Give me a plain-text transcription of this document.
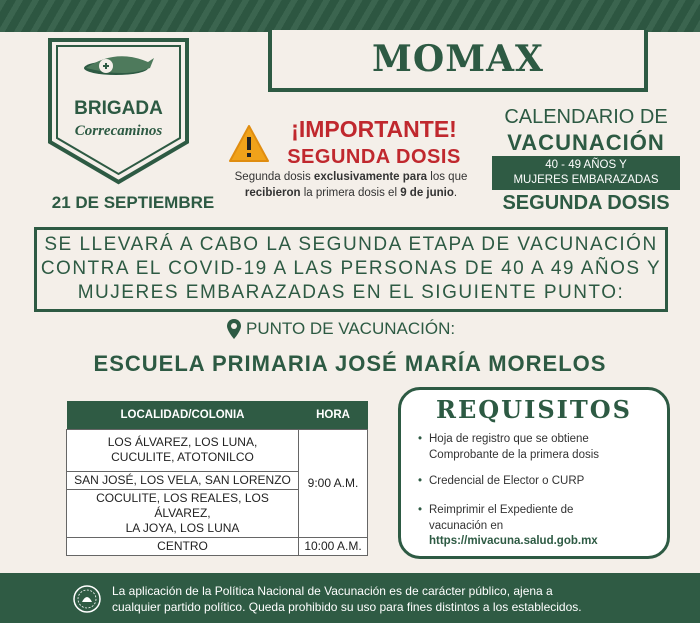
BRIGADA
Correcaminos
21 DE SEPTIEMBRE
MOMAX
¡IMPORTANTE!
SEGUNDA DOSIS
Segunda dosis exclusivamente para los que recibieron la primera dosis el 9 de junio.
CALENDARIO DE
VACUNACIÓN
40 - 49 AÑOS Y
MUJERES EMBARAZADAS
SEGUNDA DOSIS
SE LLEVARÁ A CABO LA SEGUNDA ETAPA DE VACUNACIÓN
CONTRA EL COVID-19 A LAS PERSONAS DE 40 A 49 AÑOS Y
MUJERES EMBARAZADAS EN EL SIGUIENTE PUNTO:
PUNTO DE VACUNACIÓN:
ESCUELA PRIMARIA JOSÉ MARÍA MORELOS
LOCALIDAD/COLONIA	HORA

LOS ÁLVAREZ, LOS LUNA,
CUCULITE, ATOTONILCO	9:00 A.M.
SAN JOSÉ, LOS VELA, SAN LORENZO	

COCULITE, LOS REALES, LOS ÁLVAREZ,
LA JOYA, LOS LUNA	

CENTRO	10:00 A.M.
REQUISITOS
• Hoja de registro que se obtiene
Comprobante de la primera dosis
• Credencial de Elector o CURP
• Reimprimir el Expediente de
vacunación en
https://mivacuna.salud.gob.mx
La aplicación de la Política Nacional de Vacunación es de carácter público, ajena a
cualquier partido político. Queda prohibido su uso para fines distintos a los establecidos.
